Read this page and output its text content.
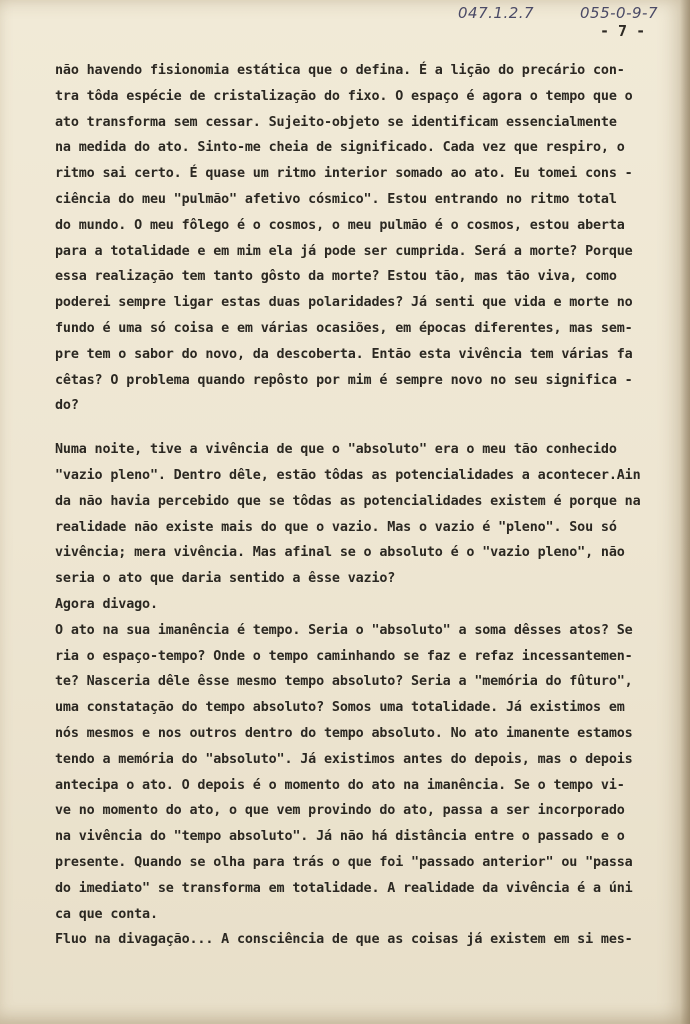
047.1.2.7	055-0-9-7
- 7 -
não havendo fisionomia estática que o defina. É a lição do precário con-
tra tôda espécie de cristalização do fixo. O espaço é agora o tempo que o
ato transforma sem cessar. Sujeito-objeto se identificam essencialmente
na medida do ato. Sinto-me cheia de significado. Cada vez que respiro, o
ritmo sai certo. É quase um ritmo interior somado ao ato. Eu tomei cons -
ciência do meu "pulmão" afetivo cósmico". Estou entrando no ritmo total
do mundo. O meu fôlego é o cosmos, o meu pulmão é o cosmos, estou aberta
para a totalidade e em mim ela já pode ser cumprida. Será a morte? Porque
essa realização tem tanto gôsto da morte? Estou tão, mas tão viva, como
poderei sempre ligar estas duas polaridades? Já senti que vida e morte no
fundo é uma só coisa e em várias ocasiões, em épocas diferentes, mas sem-
pre tem o sabor do novo, da descoberta. Então esta vivência tem várias fa
cêtas? O problema quando repôsto por mim é sempre novo no seu significa -
do?
Numa noite, tive a vivência de que o "absoluto" era o meu tão conhecido
"vazio pleno". Dentro dêle, estão tôdas as potencialidades a acontecer.Ain
da não havia percebido que se tôdas as potencialidades existem é porque na
realidade não existe mais do que o vazio. Mas o vazio é "pleno". Sou só
vivência; mera vivência. Mas afinal se o absoluto é o "vazio pleno", não
seria o ato que daria sentido a êsse vazio?
Agora divago.
O ato na sua imanência é tempo. Seria o "absoluto" a soma dêsses atos? Se
ria o espaço-tempo? Onde o tempo caminhando se faz e refaz incessantemen-
te? Nasceria dêle êsse mesmo tempo absoluto? Seria a "memória do fûturo",
uma constatação do tempo absoluto? Somos uma totalidade. Já existimos em
nós mesmos e nos outros dentro do tempo absoluto. No ato imanente estamos
tendo a memória do "absoluto". Já existimos antes do depois, mas o depois
antecipa o ato. O depois é o momento do ato na imanência. Se o tempo vi-
ve no momento do ato, o que vem provindo do ato, passa a ser incorporado
na vivência do "tempo absoluto". Já não há distância entre o passado e o
presente. Quando se olha para trás o que foi "passado anterior" ou "passa
do imediato" se transforma em totalidade. A realidade da vivência é a úni
ca que conta.
Fluo na divagação... A consciência de que as coisas já existem em si mes-
